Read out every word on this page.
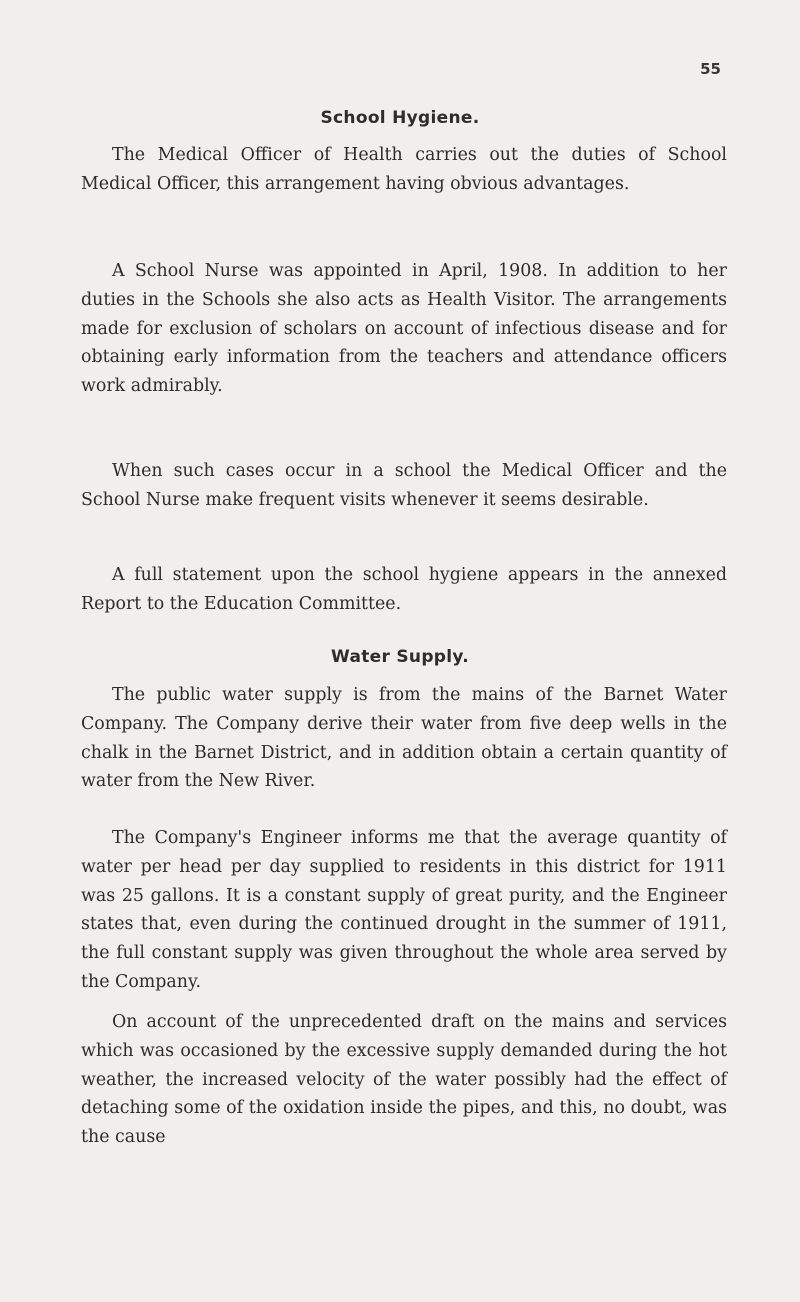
55
School Hygiene.

The Medical Officer of Health carries out the duties of School Medical Officer, this arrangement having obvious advantages.

A School Nurse was appointed in April, 1908. In addition to her duties in the Schools she also acts as Health Visitor. The arrangements made for exclusion of scholars on account of infectious disease and for obtaining early information from the teachers and attendance officers work admirably.

When such cases occur in a school the Medical Officer and the School Nurse make frequent visits whenever it seems desirable.

A full statement upon the school hygiene appears in the annexed Report to the Education Committee.

Water Supply.

The public water supply is from the mains of the Barnet Water Company. The Company derive their water from five deep wells in the chalk in the Barnet District, and in addition obtain a certain quantity of water from the New River.

The Company's Engineer informs me that the average quantity of water per head per day supplied to residents in this district for 1911 was 25 gallons. It is a constant supply of great purity, and the Engineer states that, even during the continued drought in the summer of 1911, the full constant supply was given throughout the whole area served by the Company.

On account of the unprecedented draft on the mains and services which was occasioned by the excessive supply demanded during the hot weather, the increased velocity of the water possibly had the effect of detaching some of the oxidation inside the pipes, and this, no doubt, was the cause
